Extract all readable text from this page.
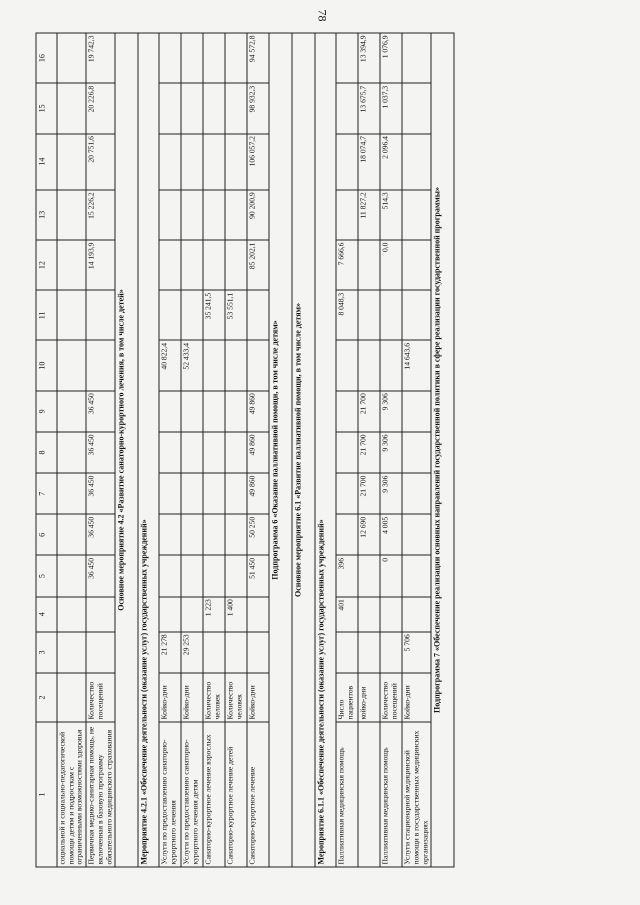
78
1	2	3	4	5	6	7	8	9	10	11	12	13	14	15	16
социальной и социально-педагогической помощи детям и подросткам с ограниченными возможностями здоровья															
Первичная медико-санитарная помощь, не включенная в базовую программу обязательного медицинского страхования	Количество посещений			36 450	36 450	36 450	36 450	36 450			14 193,9	15 226,2	20 751,6	20 226,8	19 742,3
Основное мероприятие 4.2 «Развитие санаторно-курортного лечения, в том числе детей»															
Мероприятие 4.2.1 «Обеспечение деятельности (оказание услуг) государственных учреждений»															
Услуги по предоставлению санаторно-курортного лечения	Койко-дни	21 278							40 822,4						
Услуги по предоставлению санаторно-курортного лечения детям	Койко-дни	29 253							52 433,4						
Санаторно-курортное лечение взрослых	Количество человек		1 223							35 241,5					
Санаторно-курортное лечение детей	Количество человек		1 400							53 551,1					
Санаторно-курортное лечение	Койко-дни			51 450	50 250	49 860	49 860	49 860			85 202,1	90 200,9	106 057,2	98 932,3	94 572,8
Подпрограмма 6 «Оказание паллиативной помощи, в том числе детям»															
Основное мероприятие 6.1 «Развитие паллиативной помощи, в том числе детям»															
Мероприятие 6.1.1 «Обеспечение деятельности (оказание услуг) государственных учреждений»															
Паллиативная медицинская помощь	Число пациентов		401	396						8 048,3	7 666,6				
	койко-дни				12 690	21 700	21 700	21 700				11 827,2	18 074,7	13 675,7	13 394,9
Паллиативная медицинская помощь	Количество посещений			0	4 005	9 306	9 306	9 306			0,0	514,3	2 096,4	1 037,3	1 076,9
Услуги стационарной медицинской помощи в государственных медицинских организациях	Койко-дни	5 706							14 643,6						
Подпрограмма 7 «Обеспечение реализации основных направлений государственной политики в сфере реализации государственной программы»															
